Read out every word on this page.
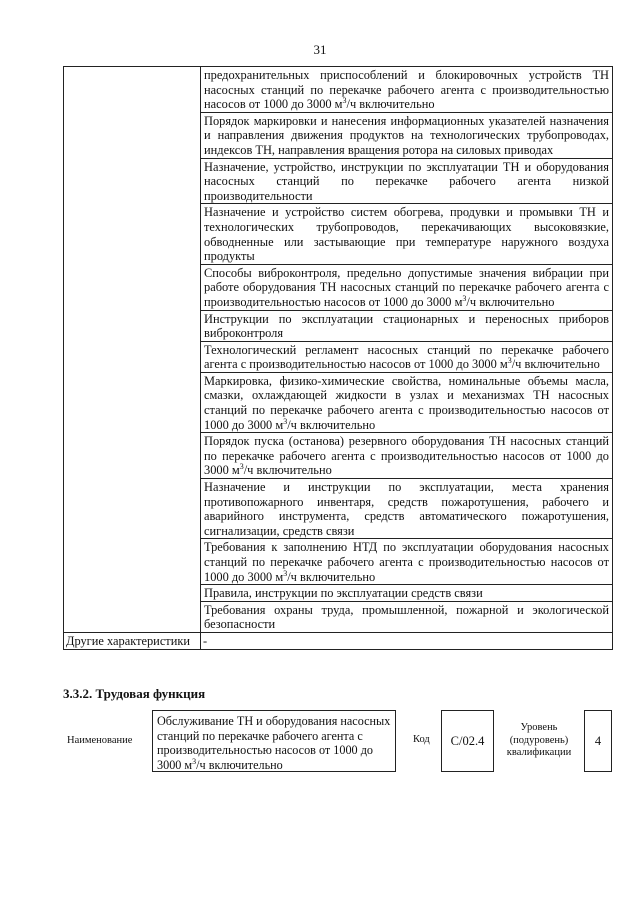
31

	предохранительных приспособлений и блокировочных устройств ТН насосных станций по перекачке рабочего агента с производительностью насосов от 1000 до 3000 $м^3/ч$ включительно

	Порядок маркировки и нанесения информационных указателей назначения и направления движения продуктов на технологических трубопроводах, индексов ТН, направления вращения ротора на силовых приводах

	Назначение, устройство, инструкции по эксплуатации ТН и оборудования насосных станций по перекачке рабочего агента низкой производительности

	Назначение и устройство систем обогрева, продувки и промывки ТН и технологических трубопроводов, перекачивающих высоковязкие, обводненные или застывающие при температуре наружного воздуха продукты

	Способы виброконтроля, предельно допустимые значения вибрации при работе оборудования ТН насосных станций по перекачке рабочего агента с производительностью насосов от 1000 до 3000 $м^3/ч$ включительно

	Инструкции по эксплуатации стационарных и переносных приборов виброконтроля

	Технологический регламент насосных станций по перекачке рабочего агента с производительностью насосов от 1000 до 3000 $м^3/ч$ включительно

	Маркировка, физико-химические свойства, номинальные объемы масла, смазки, охлаждающей жидкости в узлах и механизмах ТН насосных станций по перекачке рабочего агента с производительностью насосов от 1000 до 3000 $м^3/ч$ включительно

	Порядок пуска (останова) резервного оборудования ТН насосных станций по перекачке рабочего агента с производительностью насосов от 1000 до 3000 $м^3/ч$ включительно

	Назначение и инструкции по эксплуатации, места хранения противопожарного инвентаря, средств пожаротушения, рабочего и аварийного инструмента, средств автоматического пожаротушения, сигнализации, средств связи

	Требования к заполнению НТД по эксплуатации оборудования насосных станций по перекачке рабочего агента с производительностью насосов от 1000 до 3000 $м^3/ч$ включительно

	Правила, инструкции по эксплуатации средств связи

	Требования охраны труда, промышленной, пожарной и экологической безопасности

Другие характеристики	-
3.3.2. Трудовая функция
Наименование
Обслуживание ТН и оборудования насосных станций по перекачке рабочего агента с производительностью насосов от 1000 до 3000 $м^3/ч$ включительно
Код C/02.4
Уровень (подуровень) квалификации
4
